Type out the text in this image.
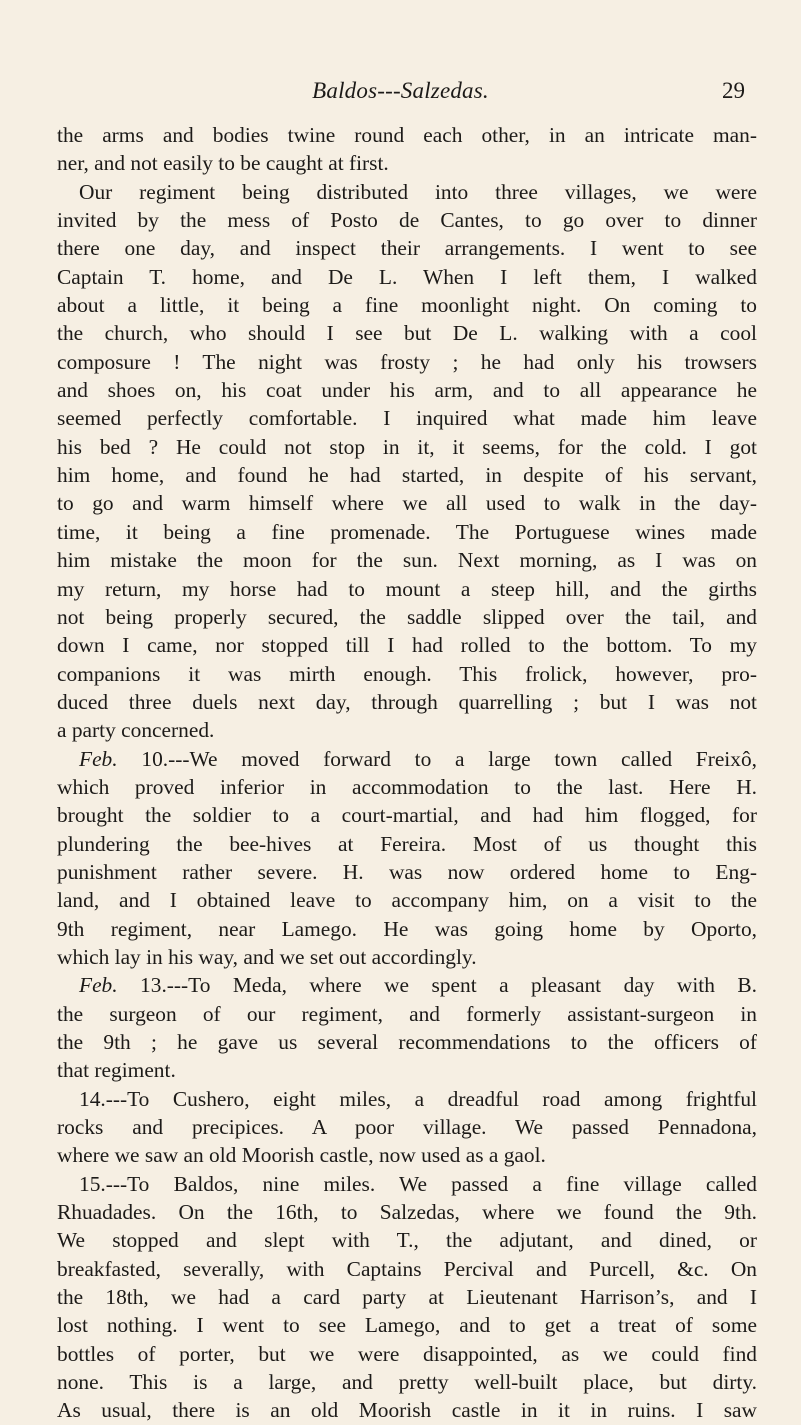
Baldos---Salzedas.	29
the arms and bodies twine round each other, in an intricate man-
ner, and not easily to be caught at first.
Our regiment being distributed into three villages, we were
invited by the mess of Posto de Cantes, to go over to dinner
there one day, and inspect their arrangements. I went to see
Captain T. home, and De L. When I left them, I walked
about a little, it being a fine moonlight night. On coming to
the church, who should I see but De L. walking with a cool
composure ! The night was frosty ; he had only his trowsers
and shoes on, his coat under his arm, and to all appearance he
seemed perfectly comfortable. I inquired what made him leave
his bed ? He could not stop in it, it seems, for the cold. I got
him home, and found he had started, in despite of his servant,
to go and warm himself where we all used to walk in the day-
time, it being a fine promenade. The Portuguese wines made
him mistake the moon for the sun. Next morning, as I was on
my return, my horse had to mount a steep hill, and the girths
not being properly secured, the saddle slipped over the tail, and
down I came, nor stopped till I had rolled to the bottom. To my
companions it was mirth enough. This frolick, however, pro-
duced three duels next day, through quarrelling ; but I was not
a party concerned.
Feb. 10.---We moved forward to a large town called Freixô,
which proved inferior in accommodation to the last. Here H.
brought the soldier to a court-martial, and had him flogged, for
plundering the bee-hives at Fereira. Most of us thought this
punishment rather severe. H. was now ordered home to Eng-
land, and I obtained leave to accompany him, on a visit to the
9th regiment, near Lamego. He was going home by Oporto,
which lay in his way, and we set out accordingly.
Feb. 13.---To Meda, where we spent a pleasant day with B.
the surgeon of our regiment, and formerly assistant-surgeon in
the 9th ; he gave us several recommendations to the officers of
that regiment.
14.---To Cushero, eight miles, a dreadful road among frightful
rocks and precipices. A poor village. We passed Pennadona,
where we saw an old Moorish castle, now used as a gaol.
15.---To Baldos, nine miles. We passed a fine village called
Rhuadades. On the 16th, to Salzedas, where we found the 9th.
We stopped and slept with T., the adjutant, and dined, or
breakfasted, severally, with Captains Percival and Purcell, &c. On
the 18th, we had a card party at Lieutenant Harrison’s, and I
lost nothing. I went to see Lamego, and to get a treat of some
bottles of porter, but we were disappointed, as we could find
none. This is a large, and pretty well-built place, but dirty.
As usual, there is an old Moorish castle in it in ruins. I saw
